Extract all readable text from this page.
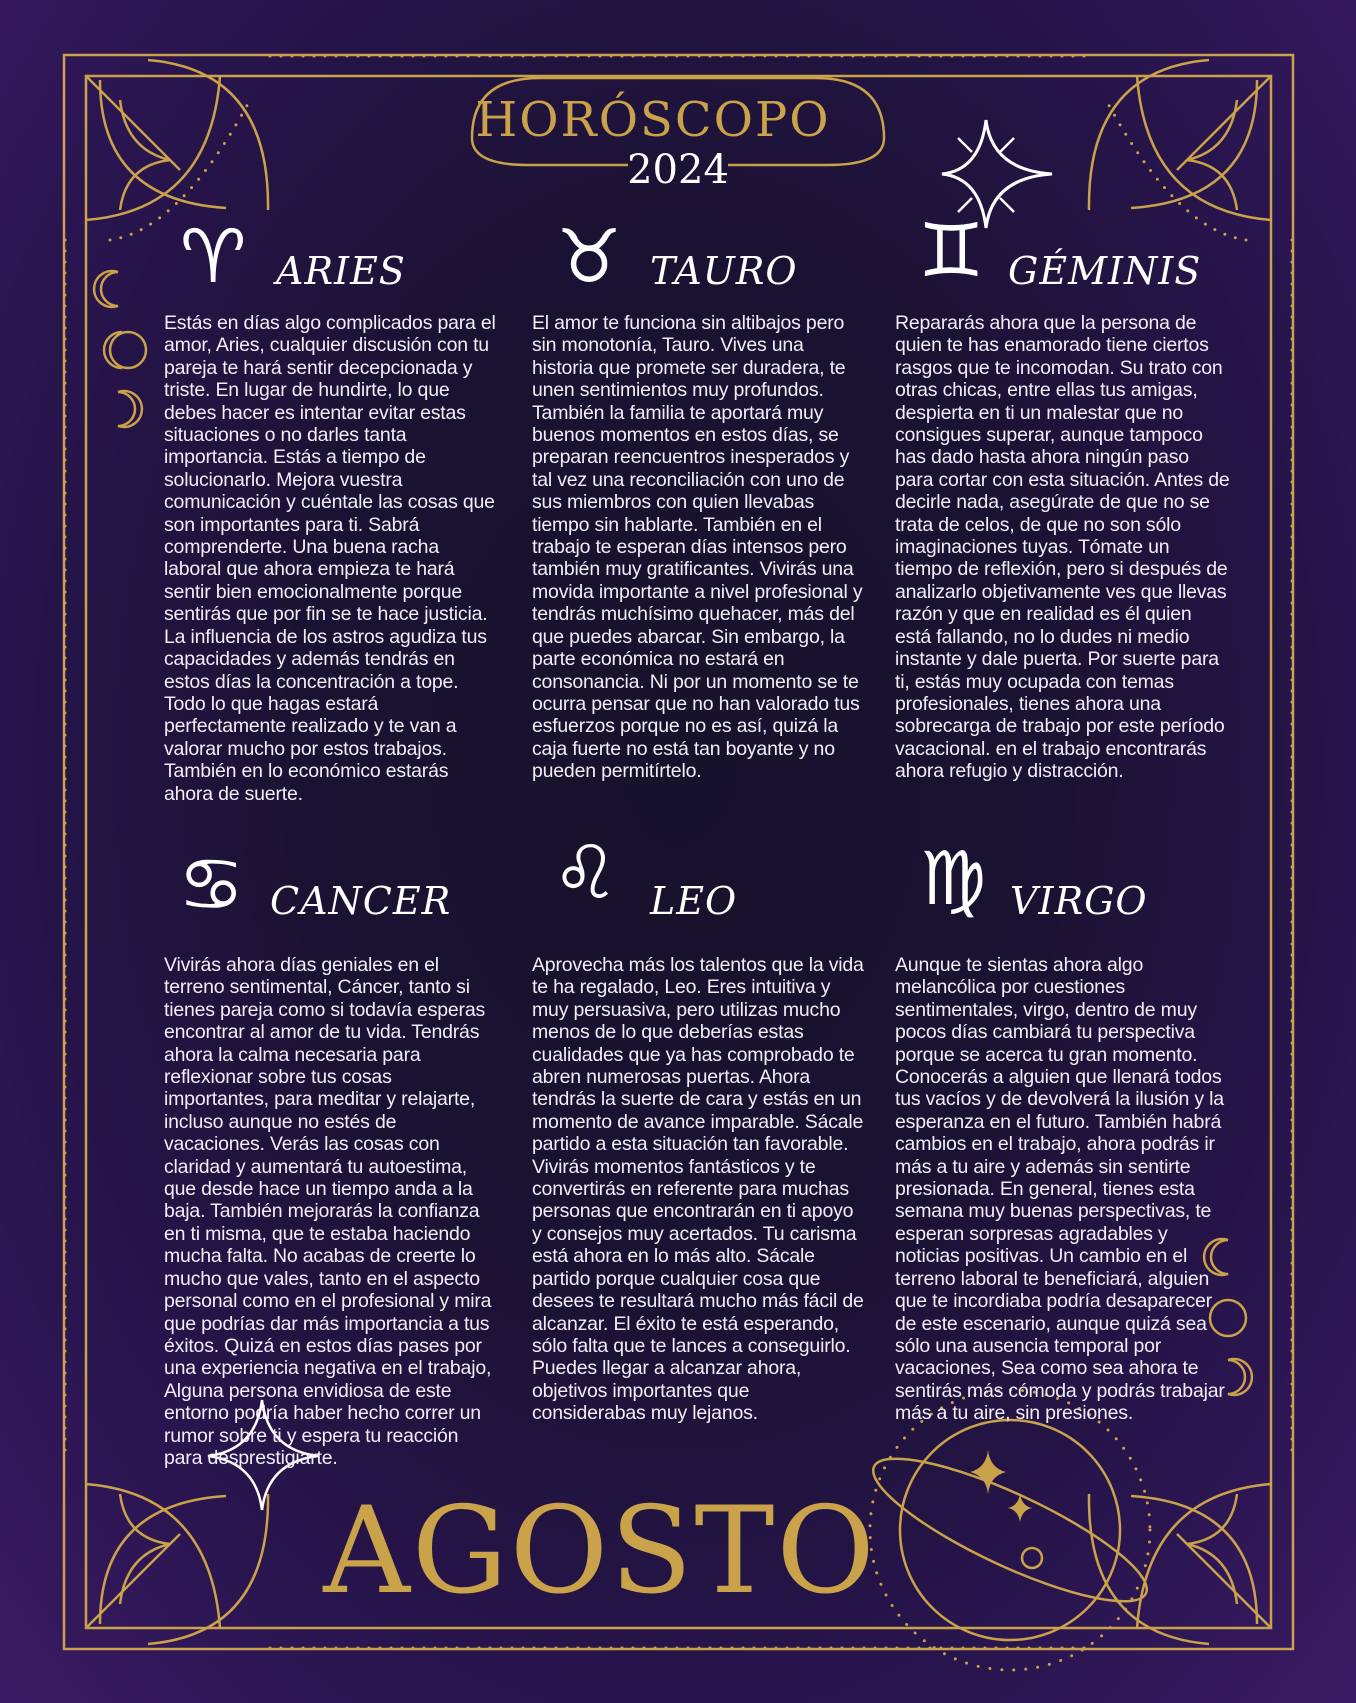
HORÓSCOPO
2024
♈ ARIES
Estás en días algo complicados para el amor, Aries, cualquier discusión con tu pareja te hará sentir decepcionada y triste. En lugar de hundirte, lo que debes hacer es intentar evitar estas situaciones o no darles tanta importancia. Estás a tiempo de solucionarlo. Mejora vuestra comunicación y cuéntale las cosas que son importantes para ti. Sabrá comprenderte. Una buena racha laboral que ahora empieza te hará sentir bien emocionalmente porque sentirás que por fin se te hace justicia. La influencia de los astros agudiza tus capacidades y además tendrás en estos días la concentración a tope. Todo lo que hagas estará perfectamente realizado y te van a valorar mucho por estos trabajos. También en lo económico estarás ahora de suerte.
♉ TAURO
El amor te funciona sin altibajos pero sin monotonía, Tauro. Vives una historia que promete ser duradera, te unen sentimientos muy profundos. También la familia te aportará muy buenos momentos en estos días, se preparan reencuentros inesperados y tal vez una reconciliación con uno de sus miembros con quien llevabas tiempo sin hablarte. También en el trabajo te esperan días intensos pero también muy gratificantes. Vivirás una movida importante a nivel profesional y tendrás muchísimo quehacer, más del que puedes abarcar. Sin embargo, la parte económica no estará en consonancia. Ni por un momento se te ocurra pensar que no han valorado tus esfuerzos porque no es así, quizá la caja fuerte no está tan boyante y no pueden permitírtelo.
♊ GÉMINIS
Repararás ahora que la persona de quien te has enamorado tiene ciertos rasgos que te incomodan. Su trato con otras chicas, entre ellas tus amigas, despierta en ti un malestar que no consigues superar, aunque tampoco has dado hasta ahora ningún paso para cortar con esta situación. Antes de decirle nada, asegúrate de que no se trata de celos, de que no son sólo imaginaciones tuyas. Tómate un tiempo de reflexión, pero si después de analizarlo objetivamente ves que llevas razón y que en realidad es él quien está fallando, no lo dudes ni medio instante y dale puerta. Por suerte para ti, estás muy ocupada con temas profesionales, tienes ahora una sobrecarga de trabajo por este período vacacional. en el trabajo encontrarás ahora refugio y distracción.
♋ CANCER
Vivirás ahora días geniales en el terreno sentimental, Cáncer, tanto si tienes pareja como si todavía esperas encontrar al amor de tu vida. Tendrás ahora la calma necesaria para reflexionar sobre tus cosas importantes, para meditar y relajarte, incluso aunque no estés de vacaciones. Verás las cosas con claridad y aumentará tu autoestima, que desde hace un tiempo anda a la baja. También mejorarás la confianza en ti misma, que te estaba haciendo mucha falta. No acabas de creerte lo mucho que vales, tanto en el aspecto personal como en el profesional y mira que podrías dar más importancia a tus éxitos. Quizá en estos días pases por una experiencia negativa en el trabajo, Alguna persona envidiosa de este entorno podría haber hecho correr un rumor sobre ti y espera tu reacción para desprestigiarte.
♌ LEO
Aprovecha más los talentos que la vida te ha regalado, Leo. Eres intuitiva y muy persuasiva, pero utilizas mucho menos de lo que deberías estas cualidades que ya has comprobado te abren numerosas puertas. Ahora tendrás la suerte de cara y estás en un momento de avance imparable. Sácale partido a esta situación tan favorable. Vivirás momentos fantásticos y te convertirás en referente para muchas personas que encontrarán en ti apoyo y consejos muy acertados. Tu carisma está ahora en lo más alto. Sácale partido porque cualquier cosa que desees te resultará mucho más fácil de alcanzar. El éxito te está esperando, sólo falta que te lances a conseguirlo. Puedes llegar a alcanzar ahora, objetivos importantes que considerabas muy lejanos.
♍ VIRGO
Aunque te sientas ahora algo melancólica por cuestiones sentimentales, virgo, dentro de muy pocos días cambiará tu perspectiva porque se acerca tu gran momento. Conocerás a alguien que llenará todos tus vacíos y de devolverá la ilusión y la esperanza en el futuro. También habrá cambios en el trabajo, ahora podrás ir más a tu aire y además sin sentirte presionada. En general, tienes esta semana muy buenas perspectivas, te esperan sorpresas agradables y noticias positivas. Un cambio en el terreno laboral te beneficiará, alguien que te incordiaba podría desaparecer de este escenario, aunque quizá sea sólo una ausencia temporal por vacaciones, Sea como sea ahora te sentirás más cómoda y podrás trabajar más a tu aire, sin presiones.
AGOSTO
